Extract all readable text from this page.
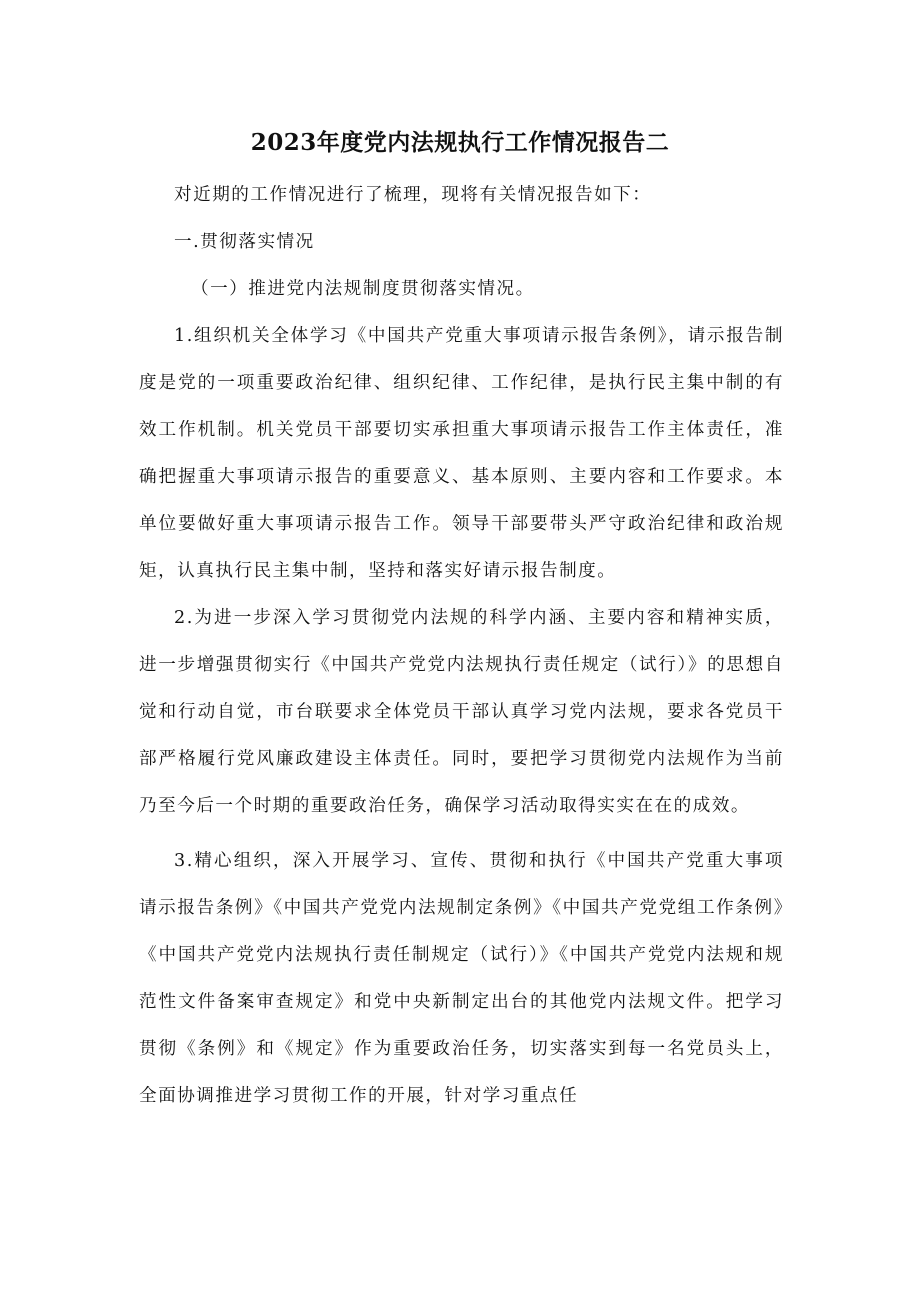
2023年度党内法规执行工作情况报告二

对近期的工作情况进行了梳理，现将有关情况报告如下：

一.贯彻落实情况

（一）推进党内法规制度贯彻落实情况。

1.组织机关全体学习《中国共产党重大事项请示报告条例》，请示报告制度是党的一项重要政治纪律、组织纪律、工作纪律，是执行民主集中制的有效工作机制。机关党员干部要切实承担重大事项请示报告工作主体责任，准确把握重大事项请示报告的重要意义、基本原则、主要内容和工作要求。本单位要做好重大事项请示报告工作。领导干部要带头严守政治纪律和政治规矩，认真执行民主集中制，坚持和落实好请示报告制度。

2.为进一步深入学习贯彻党内法规的科学内涵、主要内容和精神实质，进一步增强贯彻实行《中国共产党党内法规执行责任规定（试行）》的思想自觉和行动自觉，市台联要求全体党员干部认真学习党内法规，要求各党员干部严格履行党风廉政建设主体责任。同时，要把学习贯彻党内法规作为当前乃至今后一个时期的重要政治任务，确保学习活动取得实实在在的成效。

3.精心组织，深入开展学习、宣传、贯彻和执行《中国共产党重大事项请示报告条例》《中国共产党党内法规制定条例》《中国共产党党组工作条例》《中国共产党党内法规执行责任制规定（试行）》《中国共产党党内法规和规范性文件备案审查规定》和党中央新制定出台的其他党内法规文件。把学习贯彻《条例》和《规定》作为重要政治任务，切实落实到每一名党员头上，全面协调推进学习贯彻工作的开展，针对学习重点任
